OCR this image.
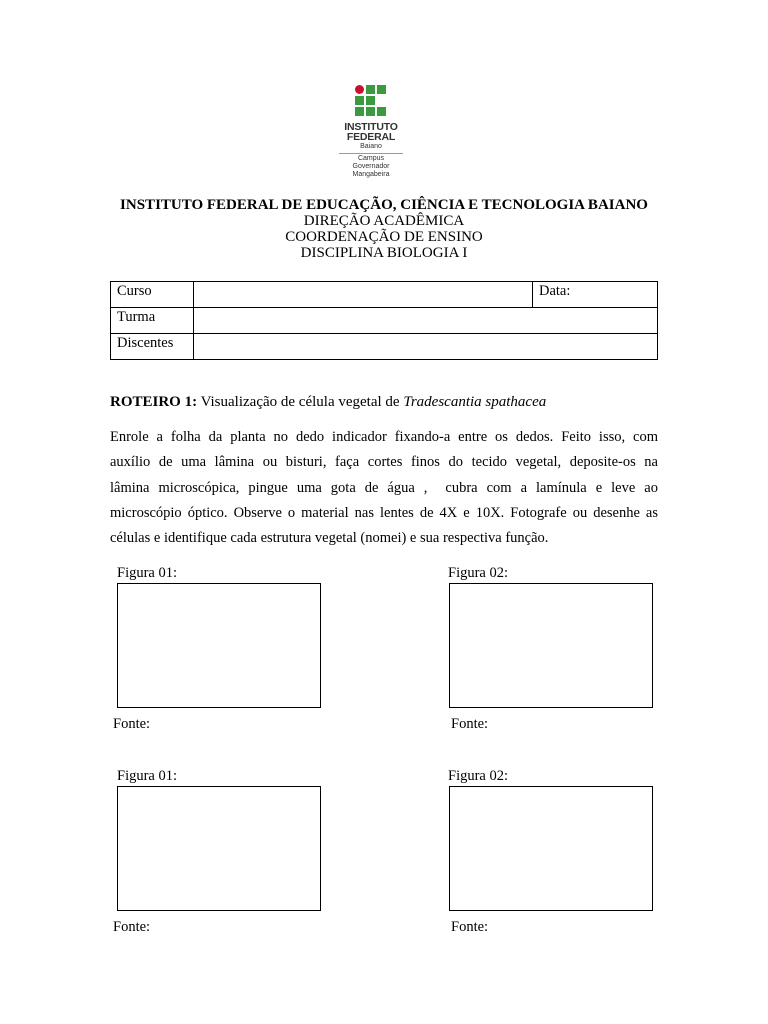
INSTITUTO
FEDERAL
Baiano
Campus
Governador
Mangabeira
INSTITUTO FEDERAL DE EDUCAÇÃO, CIÊNCIA E TECNOLOGIA BAIANO
DIREÇÃO ACADÊMICA
COORDENAÇÃO DE ENSINO
DISCIPLINA BIOLOGIA I
Curso		Data:
Turma		
Discentes		
ROTEIRO 1: Visualização de célula vegetal de Tradescantia spathacea
Enrole a folha da planta no dedo indicador fixando-a entre os dedos. Feito isso, com
auxílio de uma lâmina ou bisturi, faça cortes finos do tecido vegetal, deposite-os na
lâmina microscópica, pingue uma gota de água ,  cubra com a lamínula e leve ao
microscópio óptico. Observe o material nas lentes de 4X e 10X. Fotografe ou desenhe as
células e identifique cada estrutura vegetal (nomei) e sua respectiva função.
Figura 01:
Fonte:
Figura 02:
Fonte:
Figura 01:
Fonte:
Figura 02:
Fonte:
